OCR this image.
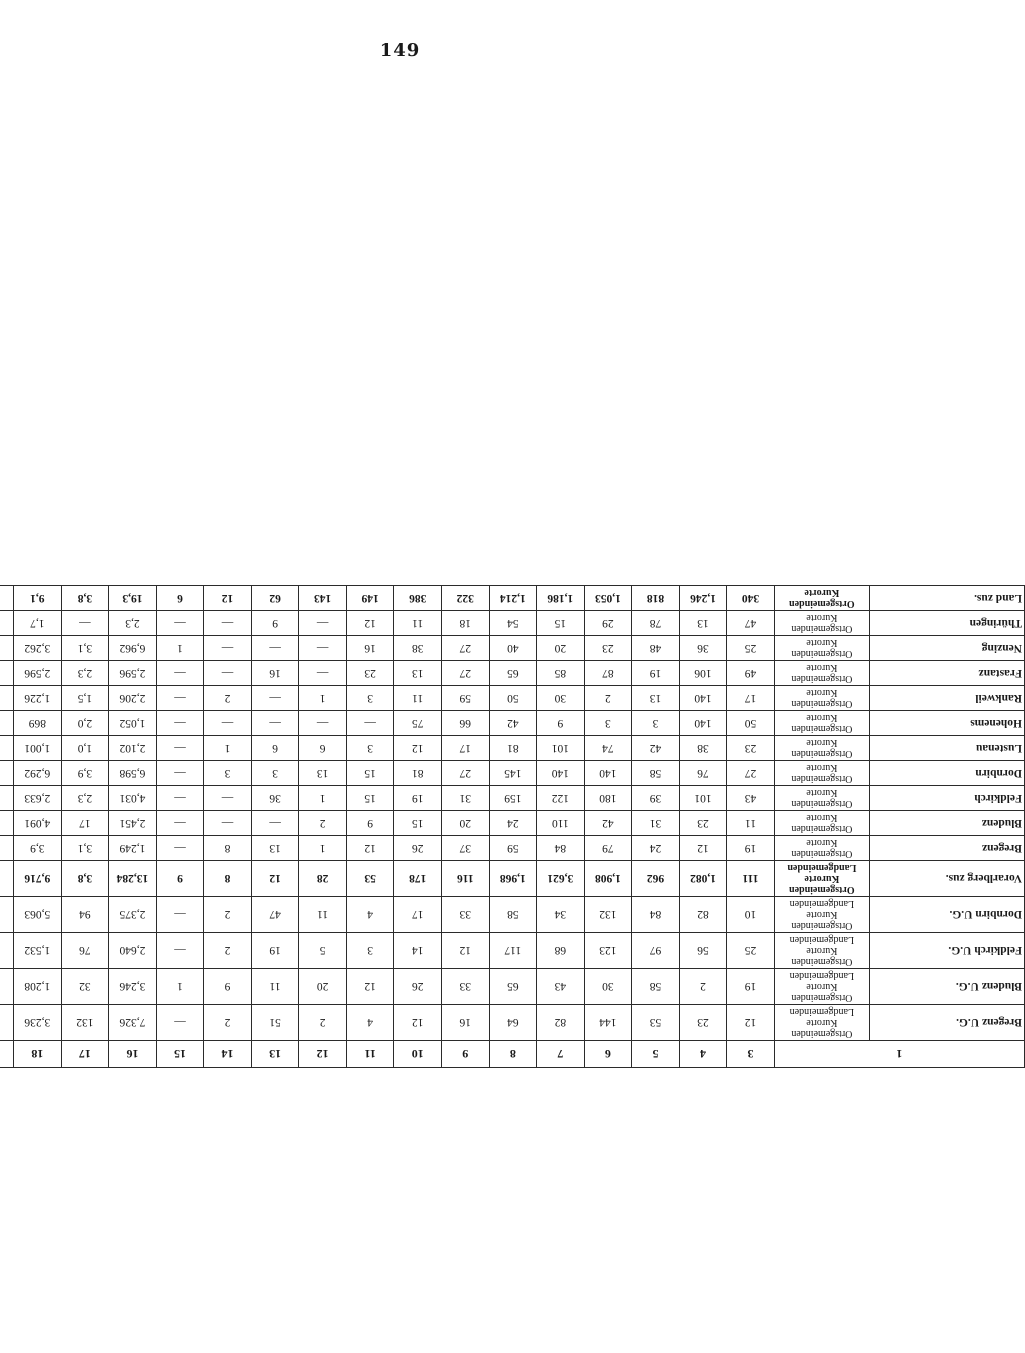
149
1		3	4	5	6	7	8	9	10	11	12	13	14	15	16	17	18					
Bregenz U.G.	Ortsgemeinden
Kurorte
Landgemeinden	12	23	53	144	82	64	16	12	4	2	51	2	—	7,326	132	3,236					
Bludenz U.G.	Ortsgemeinden
Kurorte
Landgemeinden	19	2	58	30	43	65	33	26	12	20	11	9	1	3,246	32	1,208					
Feldkirch U.G.	Ortsgemeinden
Kurorte
Landgemeinden	25	56	97	123	68	117	12	14	3	5	19	2	—	2,640	76	1,532					
Dornbirn U.G.	Ortsgemeinden
Kurorte
Landgemeinden	10	82	84	132	34	58	33	17	4	11	47	2	—	2,375	94	5,063					
Vorarlberg zus.	Ortsgemeinden
Kurorte
Landgemeinden	111	1,082	962	1,908	3,621	1,968	116	178	53	28	12	8	9	13,284	3,8	9,716					
Bregenz	Ortsgemeinden
Kurorte	19	12	24	79	84	59	37	26	12	1	13	8	—	1,249	3,1	3,9					
Bludenz	Ortsgemeinden
Kurorte	11	23	31	42	110	24	20	15	9	2	—	—	—	2,451	17	4,091					
Feldkirch	Ortsgemeinden
Kurorte	43	101	39	180	122	159	31	19	15	1	36	—	—	4,031	2,3	2,633					
Dornbirn	Ortsgemeinden
Kurorte	27	76	58	140	140	145	27	81	15	13	3	3	—	6,598	3,9	6,292					
Lustenau	Ortsgemeinden
Kurorte	23	38	42	74	101	81	17	12	3	6	6	1	—	2,102	1,0	1,001					
Hohenems	Ortsgemeinden
Kurorte	50	140	3	3	9	42	66	75	—	—	—	—	—	1,052	2,0	869					
Rankweil	Ortsgemeinden
Kurorte	17	140	13	2	30	50	59	11	3	1	—	2	—	2,206	1,5	1,226					
Frastanz	Ortsgemeinden
Kurorte	49	106	19	87	85	65	27	13	23	—	16	—	—	2,596	2,3	2,596					
Nenzing	Ortsgemeinden
Kurorte	25	36	48	23	20	40	27	38	16	—	—	—	1	6,962	3,1	3,262					
Thüringen	Ortsgemeinden
Kurorte	47	13	78	29	15	54	18	11	12	—	9	—	—	2,3	—	1,7					
Land zus.	Ortsgemeinden
Kurorte	340	1,246	818	1,053	1,186	1,214	322	386	149	143	62	12	6	19,3	3,8	9,1					
